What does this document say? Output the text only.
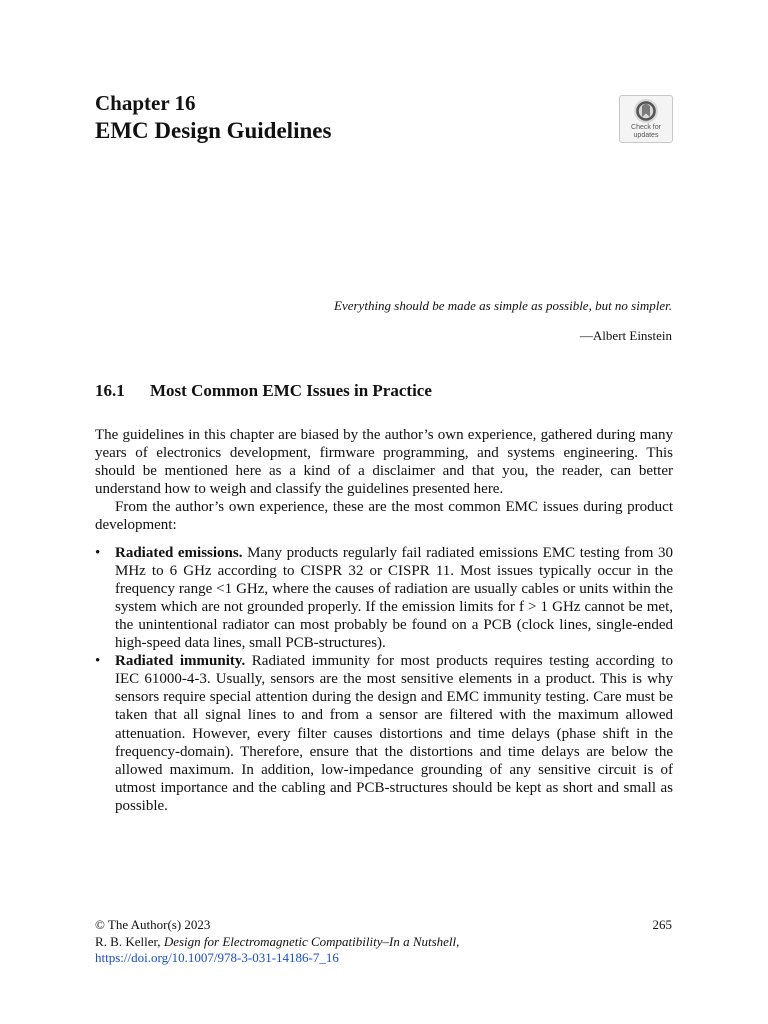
Chapter 16
EMC Design Guidelines	Check for
updates
Everything should be made as simple as possible, but no simpler.
—Albert Einstein
16.1 Most Common EMC Issues in Practice

The guidelines in this chapter are biased by the author’s own experience, gathered during many years of electronics development, firmware programming, and systems engineering. This should be mentioned here as a kind of a disclaimer and that you, the reader, can better understand how to weigh and classify the guidelines presented here.

From the author’s own experience, these are the most common EMC issues during product development:

• Radiated emissions. Many products regularly fail radiated emissions EMC testing from 30 MHz to 6 GHz according to CISPR 32 or CISPR 11. Most issues typically occur in the frequency range <1 GHz, where the causes of radiation are usually cables or units within the system which are not grounded properly. If the emission limits for f > 1 GHz cannot be met, the unintentional radiator can most probably be found on a PCB (clock lines, single-ended high-speed data lines, small PCB-structures).
• Radiated immunity. Radiated immunity for most products requires testing according to IEC 61000-4-3. Usually, sensors are the most sensitive elements in a product. This is why sensors require special attention during the design and EMC immunity testing. Care must be taken that all signal lines to and from a sensor are filtered with the maximum allowed attenuation. However, every filter causes distortions and time delays (phase shift in the frequency-domain). Therefore, ensure that the distortions and time delays are below the allowed maximum. In addition, low-impedance grounding of any sensitive circuit is of utmost importance and the cabling and PCB-structures should be kept as short and small as possible.
© The Author(s) 2023
R. B. Keller, Design for Electromagnetic Compatibility–In a Nutshell,
https://doi.org/10.1007/978-3-031-14186-7_16
265
